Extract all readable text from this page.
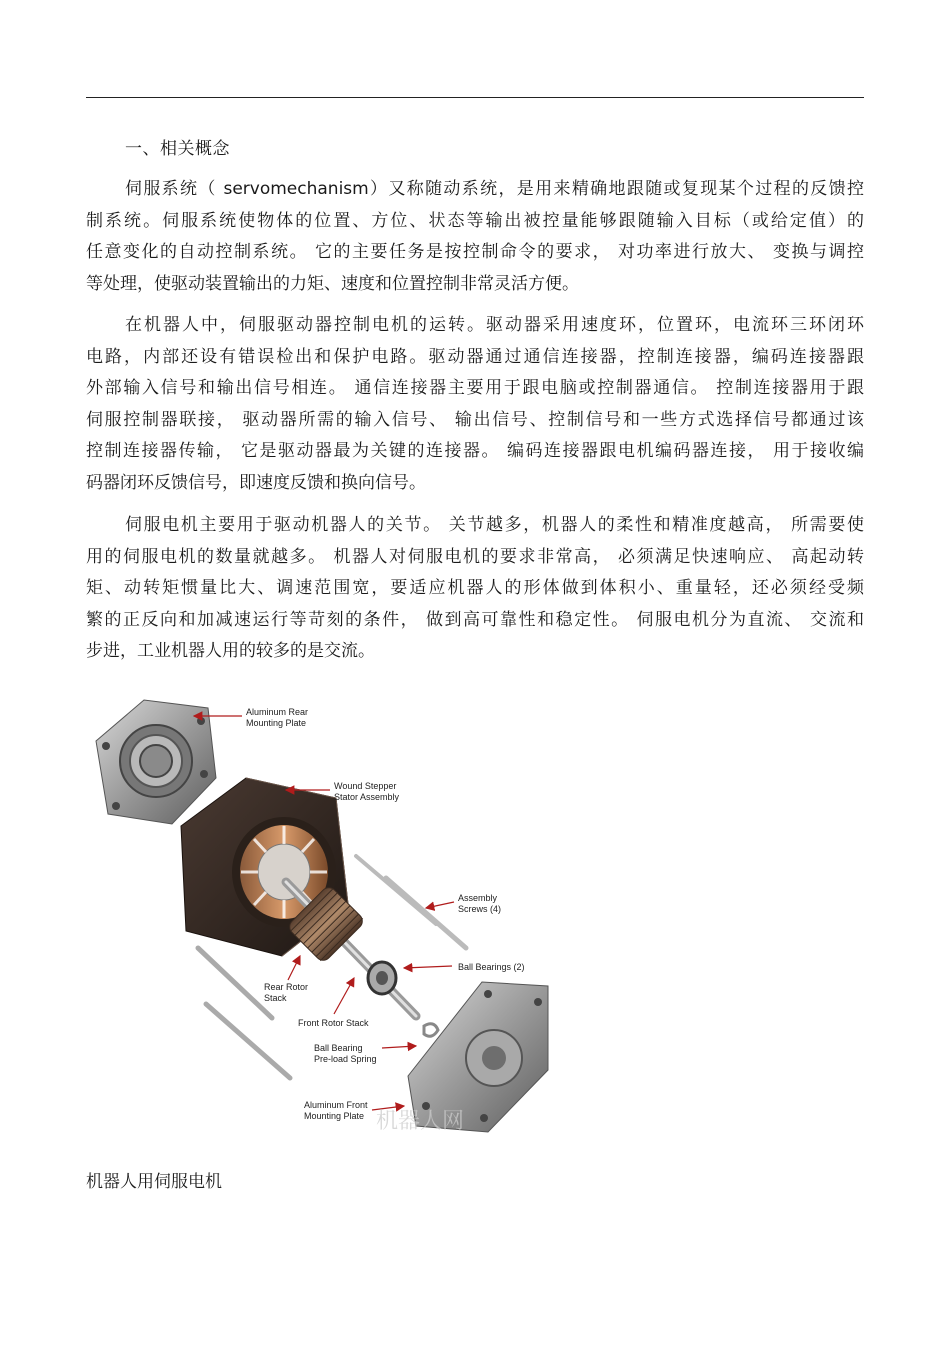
一、相关概念
伺服系统（ servomechanism）又称随动系统，是用来精确地跟随或复现某个过程的反馈控
制系统。伺服系统使物体的位置、方位、状态等输出被控量能够跟随输入目标（或给定值）的
任意变化的自动控制系统。 它的主要任务是按控制命令的要求， 对功率进行放大、 变换与调控
等处理，使驱动装置输出的力矩、速度和位置控制非常灵活方便。
在机器人中，伺服驱动器控制电机的运转。驱动器采用速度环，位置环，电流环三环闭环
电路，内部还设有错误检出和保护电路。驱动器通过通信连接器，控制连接器，编码连接器跟
外部输入信号和输出信号相连。 通信连接器主要用于跟电脑或控制器通信。 控制连接器用于跟
伺服控制器联接， 驱动器所需的输入信号、 输出信号、控制信号和一些方式选择信号都通过该
控制连接器传输， 它是驱动器最为关键的连接器。 编码连接器跟电机编码器连接， 用于接收编
码器闭环反馈信号，即速度反馈和换向信号。
伺服电机主要用于驱动机器人的关节。 关节越多，机器人的柔性和精准度越高， 所需要使
用的伺服电机的数量就越多。 机器人对伺服电机的要求非常高， 必须满足快速响应、 高起动转
矩、动转矩惯量比大、调速范围宽，要适应机器人的形体做到体积小、重量轻，还必须经受频
繁的正反向和加减速运行等苛刻的条件， 做到高可靠性和稳定性。 伺服电机分为直流、 交流和
步进，工业机器人用的较多的是交流。
Aluminum Rear Mounting Plate
Wound Stepper Stator Assembly
Assembly Screws (4)
Ball Bearings (2)
Rear Rotor Stack
Front Rotor Stack
Ball Bearing Pre-load Spring
Aluminum Front Mounting Plate 机器人网
机器人用伺服电机
